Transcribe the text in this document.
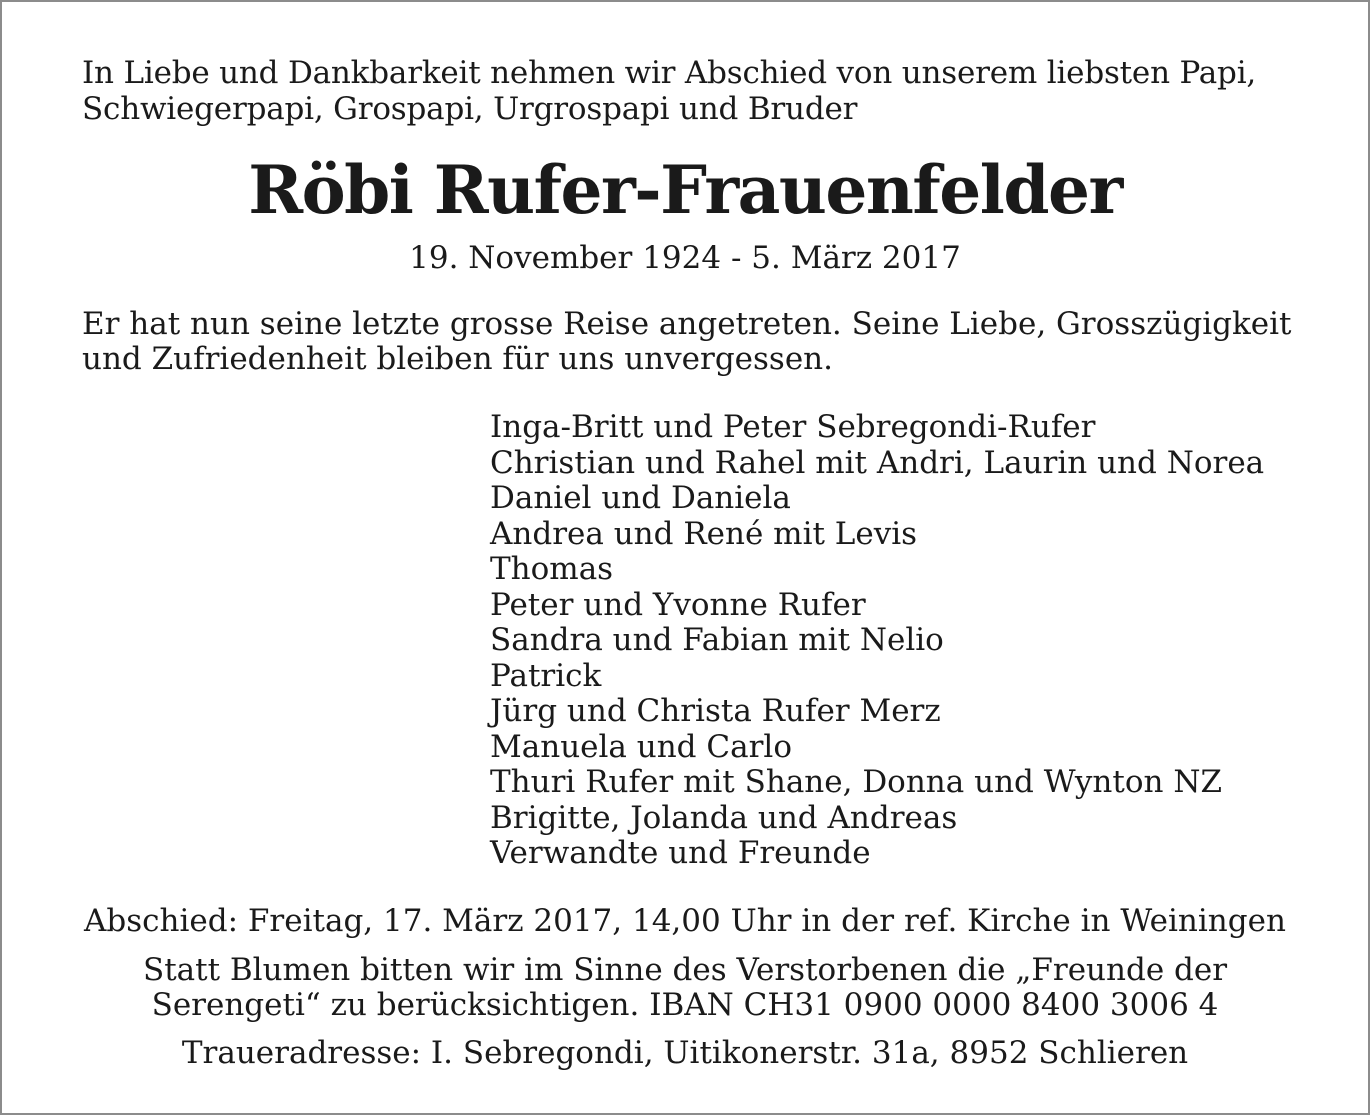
In Liebe und Dankbarkeit nehmen wir Abschied von unserem liebsten Papi,
Schwiegerpapi, Grospapi, Urgrospapi und Bruder
Röbi Rufer-Frauenfelder
19. November 1924 - 5. März 2017
Er hat nun seine letzte grosse Reise angetreten. Seine Liebe, Grosszügigkeit
und Zufriedenheit bleiben für uns unvergessen.
Inga-Britt und Peter Sebregondi-Rufer
Christian und Rahel mit Andri, Laurin und Norea
Daniel und Daniela
Andrea und René mit Levis
Thomas
Peter und Yvonne Rufer
Sandra und Fabian mit Nelio
Patrick
Jürg und Christa Rufer Merz
Manuela und Carlo
Thuri Rufer mit Shane, Donna und Wynton NZ
Brigitte, Jolanda und Andreas
Verwandte und Freunde
Abschied: Freitag, 17. März 2017, 14,00 Uhr in der ref. Kirche in Weiningen
Statt Blumen bitten wir im Sinne des Verstorbenen die „Freunde der
Serengeti“ zu berücksichtigen. IBAN CH31 0900 0000 8400 3006 4
Traueradresse: I. Sebregondi, Uitikonerstr. 31a, 8952 Schlieren
